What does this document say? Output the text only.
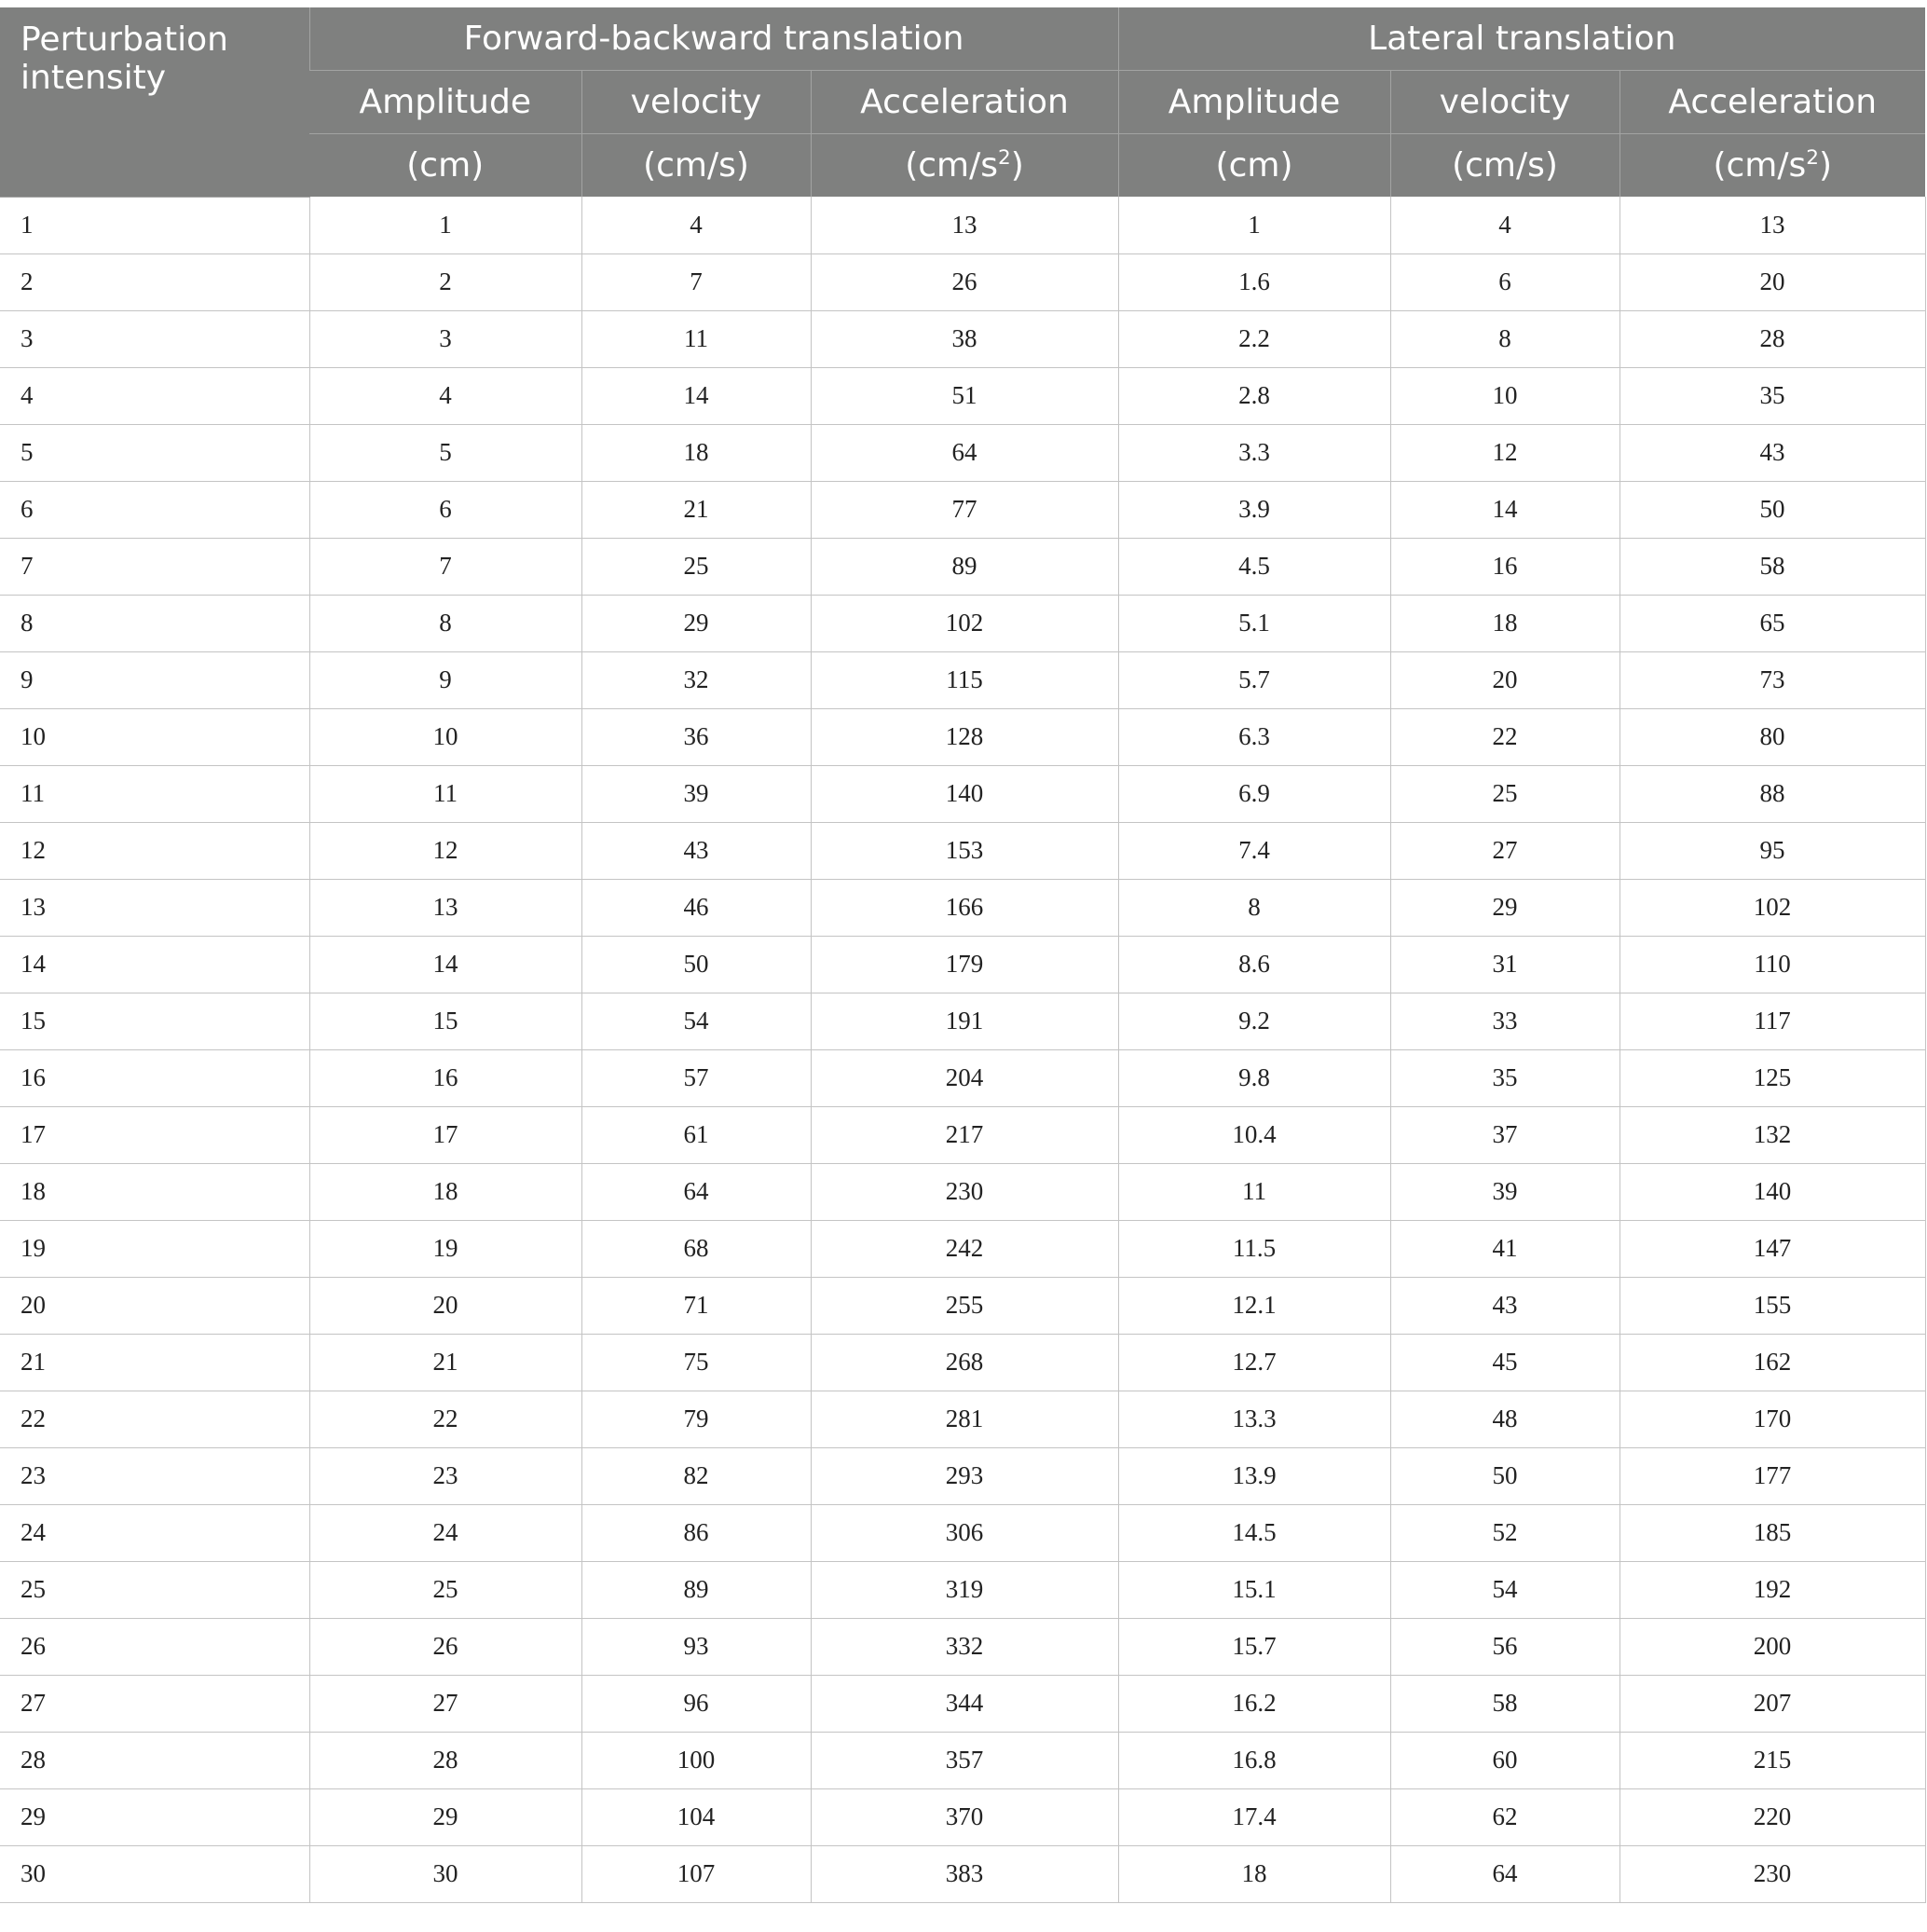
Perturbation intensity	Forward-backward translation			Lateral translation		
	Amplitude	velocity	Acceleration	Amplitude	velocity	Acceleration
	(cm)	(cm/s)	$(cm/s^2)$	(cm)	(cm/s)	$(cm/s^2)$
1	1	4	13	1	4	13
2	2	7	26	1.6	6	20
3	3	11	38	2.2	8	28
4	4	14	51	2.8	10	35
5	5	18	64	3.3	12	43
6	6	21	77	3.9	14	50
7	7	25	89	4.5	16	58
8	8	29	102	5.1	18	65
9	9	32	115	5.7	20	73
10	10	36	128	6.3	22	80
11	11	39	140	6.9	25	88
12	12	43	153	7.4	27	95
13	13	46	166	8	29	102
14	14	50	179	8.6	31	110
15	15	54	191	9.2	33	117
16	16	57	204	9.8	35	125
17	17	61	217	10.4	37	132
18	18	64	230	11	39	140
19	19	68	242	11.5	41	147
20	20	71	255	12.1	43	155
21	21	75	268	12.7	45	162
22	22	79	281	13.3	48	170
23	23	82	293	13.9	50	177
24	24	86	306	14.5	52	185
25	25	89	319	15.1	54	192
26	26	93	332	15.7	56	200
27	27	96	344	16.2	58	207
28	28	100	357	16.8	60	215
29	29	104	370	17.4	62	220
30	30	107	383	18	64	230
